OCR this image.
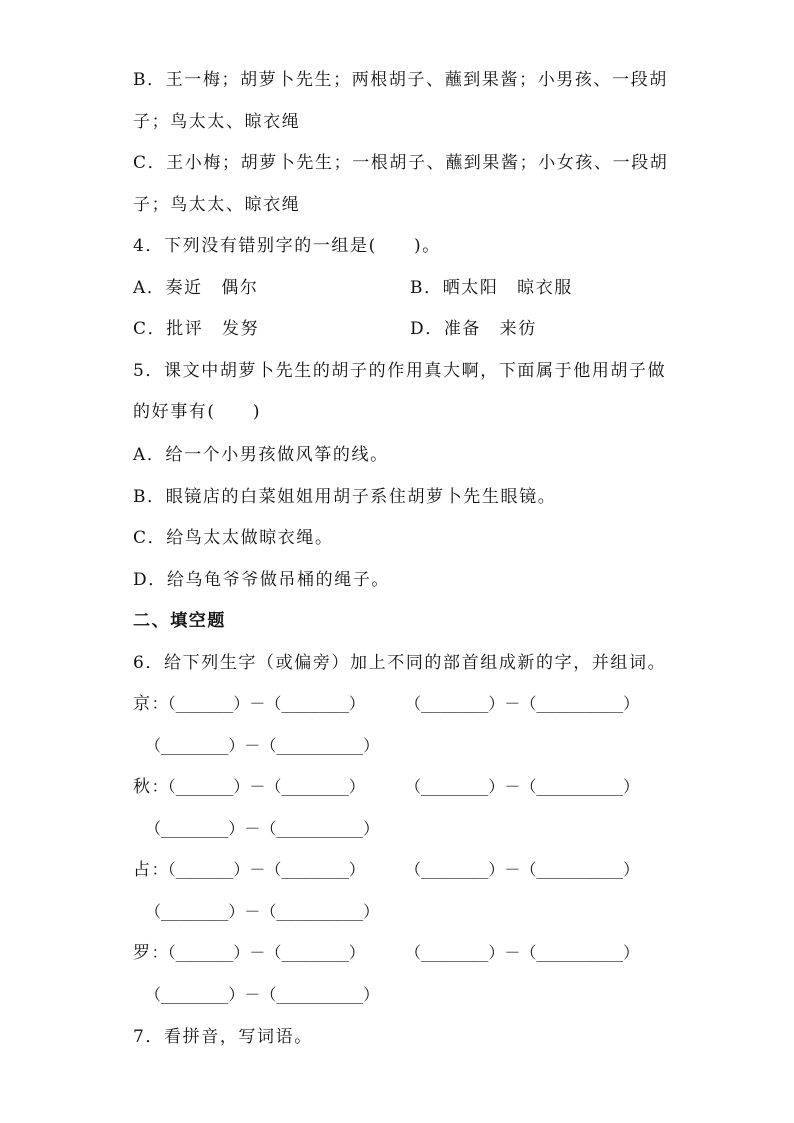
B．王一梅；胡萝卜先生；两根胡子、蘸到果酱；小男孩、一段胡
子；鸟太太、晾衣绳
C．王小梅；胡萝卜先生；一根胡子、蘸到果酱；小女孩、一段胡
子；鸟太太、晾衣绳
4．下列没有错别字的一组是(　　)。
A．奏近　偶尔	B．晒太阳　晾衣服
C．批评　发努	D．准备　来彷
5．课文中胡萝卜先生的胡子的作用真大啊，下面属于他用胡子做
的好事有(　　)
A．给一个小男孩做风筝的线。
B．眼镜店的白菜姐姐用胡子系住胡萝卜先生眼镜。
C．给鸟太太做晾衣绳。
D．给乌龟爷爷做吊桶的绳子。
二、填空题
6．给下列生字（或偏旁）加上不同的部首组成新的字，并组词。
京：（______）－（_______）	（_______）－（_________）
（_______）－（_________）
秋：（______）－（_______）	（_______）－（_________）
（_______）－（_________）
占：（______）－（_______）	（_______）－（_________）
（_______）－（_________）
罗：（______）－（_______）	（_______）－（_________）
（_______）－（_________）
7．看拼音，写词语。
